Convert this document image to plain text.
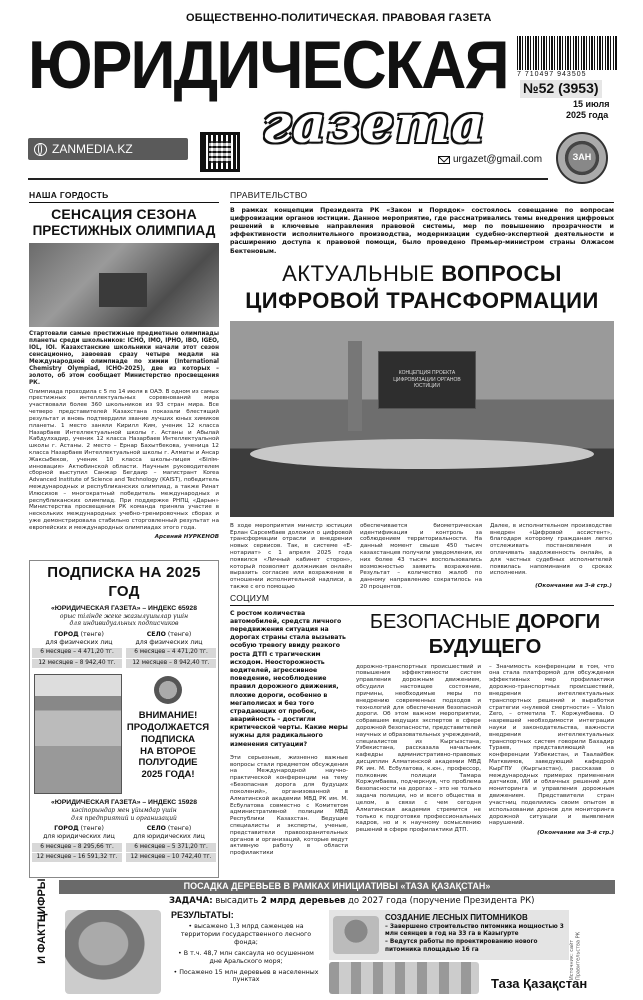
ОБЩЕСТВЕННО-ПОЛИТИЧЕСКАЯ. ПРАВОВАЯ ГАЗЕТА
ЮРИДИЧЕСКАЯ
газета
ZANMEDIA.KZ
7 710497 943505
№52 (3953)
15 июля
2025 года
urgazet@gmail.com	ЗАН
НАША ГОРДОСТЬ
СЕНСАЦИЯ СЕЗОНА
ПРЕСТИЖНЫХ ОЛИМПИАД
Стартовали самые престижные предметные олимпиады планеты среди школьников: ICHO, IMO, IPHO, IBO, IGEO, IOL, IOI. Казахстанские школьники начали этот сезон сенсационно, завоевав сразу четыре медали на Международной олимпиаде по химии (International Chemistry Olympiad, ICHO-2025), две из которых – золото, об этом сообщает Министерство просвещения РК.
Олимпиада проходила с 5 по 14 июля в ОАЭ. В одном из самых престижных интеллектуальных соревнований мира участвовали более 360 школьников из 93 стран мира. Все четверо представителей Казахстана показали блестящий результат и вновь подтвердили звание лучших юных химиков планеты. 1 место заняли Кирилл Ким, ученик 12 класса Назарбаев Интеллектуальной школы г. Астаны и Абылай Кабдулхадир, ученик 12 класса Назарбаев Интеллектуальной школы г. Астаны. 2 место – Ернар Бахытбекова, ученица 12 класса Назарбаев Интеллектуальной школы г. Алматы и Ансар Жаксыбеков, ученик 10 класса школы-лицея «Білім-инновация» Актюбинской области. Научным руководителем сборной выступил Санжар Бегдаир – магистрант Korea Advanced Institute of Science and Technology (KAIST), победитель международных и республиканских олимпиад, а также Ринат Илюсизов – многократный победитель международных и республиканских олимпиад. При поддержке РНПЦ «Дарын» Министерства просвещения РК команда приняла участие в нескольких международных учебно-тренировочных сборах и уже демонстрировала стабильно сторговленный результат на европейских и международных олимпиадах этого года.
Арсений НУРКЕНОВ
ПОДПИСКА НА 2025 ГОД
«ЮРИДИЧЕСКАЯ ГАЗЕТА» – ИНДЕКС 65928
орыс тілінде жеке жазылушылар үшін
для индивидуальных подписчиков
ГОРОД (тенге)
для физических лиц
СЕЛО (тенге)
для физических лиц
6 месяцев – 4 471,20 тг.	6 месяцев – 4 471,20 тг.
12 месяцев – 8 942,40 тг.	12 месяцев – 8 942,40 тг.
ВНИМАНИЕ!
ПРОДОЛЖАЕТСЯ
ПОДПИСКА
НА ВТОРОЕ
ПОЛУГОДИЕ
2025 ГОДА!
«ЮРИДИЧЕСКАЯ ГАЗЕТА» – ИНДЕКС 15928
кәсіпорындар мен ұйымдар үшін
для предприятий и организаций
ГОРОД (тенге)
для юридических лиц
СЕЛО (тенге)
для юридических лиц
6 месяцев – 8 295,66 тг.	6 месяцев – 5 371,20 тг.
12 месяцев – 16 591,32 тг.	12 месяцев – 10 742,40 тг.
ПРАВИТЕЛЬСТВО
В рамках концепции Президента РК «Закон и Порядок» состоялось совещание по вопросам цифровизации органов юстиции. Данное мероприятие, где рассматривались темы внедрения цифровых решений в ключевые направления правовой системы, мер по повышению прозрачности и эффективности исполнительного производства, модернизации судебно-экспертной деятельности и расширению доступа к правовой помощи, было проведено Премьер-министром страны Олжасом Бектеновым.
АКТУАЛЬНЫЕ ВОПРОСЫ
ЦИФРОВОЙ ТРАНСФОРМАЦИИ
КОНЦЕПЦИЯ ПРОЕКТА ЦИФРОВИЗАЦИИ ОРГАНОВ ЮСТИЦИИ
В ходе мероприятия министр юстиции Ерлан Сарсембаев доложил о цифровой трансформации отрасли и внедрении новых сервисов. Так, в системе «Е-нотариат» с 1 апреля 2025 года появился «Личный кабинет сторон», который позволяет должникам онлайн выразить согласие или возражение в отношении исполнительной надписи, а также с его помощью
обеспечивается биометрическая идентификация и контроль за соблюдением территориальности. На данный момент свыше 450 тысяч казахстанцев получили уведомления, из них более 43 тысяч воспользовались возможностью заявить возражение. Результат – количество жалоб по данному направлению сократилось на 20 процентов.
Далее, в исполнительном производстве внедрен «Цифровой ассистент», благодаря которому гражданам легко отслеживать постановления и оплачивать задолженность онлайн, а для частных судебных исполнителей появилась напоминания о сроках исполнения.
(Окончание на 3-й стр.)
СОЦИУМ
С ростом количества автомобилей, средств личного передвижения ситуация на дорогах страны стала вызывать особую тревогу ввиду резкого роста ДТП с трагическим исходом. Неосторожность водителей, агрессивное поведение, несоблюдение правил дорожного движения, плохие дороги, особенно в мегаполисах и без того страдающих от пробок, аварийность – достигли критической черты. Какие меры нужны для радикального изменения ситуации?
Эти серьезные, жизненно важные вопросы стали предметом обсуждения на Международной научно-практической конференции на тему «Безопасная дорога для будущих поколений», организованной в Алматинской академии МВД РК им. М. Есбулатова совместно с Комитетом административной полиции МВД Республики Казахстан. Ведущие специалисты и эксперты, ученые, представители правоохранительных органов и организаций, которые ведут активную работу в области профилактики
БЕЗОПАСНЫЕ ДОРОГИ
БУДУЩЕГО
дорожно-транспортных происшествий и повышения эффективности систем управления дорожным движением, обсудили настоящее состояние, причины, необходимые меры по внедрению современных подходов и технологий для обеспечения безопасной дороги. Об этом важном мероприятии, собравшем ведущих экспертов в сфере дорожной безопасности, представителей научных и образовательных учреждений, специалистов из Кыргызстана, Узбекистана, рассказала начальник кафедры административно-правовых дисциплин Алматинской академии МВД РК им. М. Есбулатова, к.юн., профессор, полковник полиции Тамара Коржумбаева, подчеркнув, что проблема безопасности на дорогах – это не только задача полиции, но и всего общества в целом, а связи с чем сегодня Алматинская академия стремится не только к подготовке профессиональных кадров, но и к научному осмыслению решений в сфере профилактики ДТП.
– Значимость конференции в том, что она стала платформой для обсуждения эффективных мер профилактики дорожно-транспортных происшествий, внедрения интеллектуальных транспортных решений и выработки стратегии «нулевой смертности» – Vision Zero, – отметила Т. Коржумбаева. О назревшей необходимости интеграции науки и законодательства, важности внедрения интеллектуальных транспортных систем говорили Бахадир Тураев, представляющий на конференции Узбекистан, и Таалайбек Матквимов, заведующий кафедрой КырГПУ (Кыргызстан), рассказав о международных примерах применения датчиков, ИИ и облачных решений для мониторинга и управления дорожным движением. Представители стран участниц поделились своим опытом в использовании дронов для мониторинга дорожной ситуации и выявления нарушений.
(Окончание на 3-й стр.)
ЦИФРЫ
И ФАКТЫ
ПОСАДКА ДЕРЕВЬЕВ В РАМКАХ ИНИЦИАТИВЫ «ТАЗА ҚАЗАҚСТАН»
ЗАДАЧА: высадить 2 млрд деревьев до 2027 года (поручение Президента РК)
РЕЗУЛЬТАТЫ:
• высажено 1,3 млрд саженцев на территории государственного лесного фонда;
• В т.ч. 48,7 млн саксаула но осушенном дне Аральского моря;
• Посажено 15 млн деревьев в населенных пунктах
СОЗДАНИЕ ЛЕСНЫХ ПИТОМНИКОВ
– Завершено строительство питомника мощностью 3 млн сеянцев в год на 33 га в Казыгурте
– Ведутся работы по проектированию нового питомника площадью 16 га
Таза Қазақстан
Источник: сайт Правительства РК
